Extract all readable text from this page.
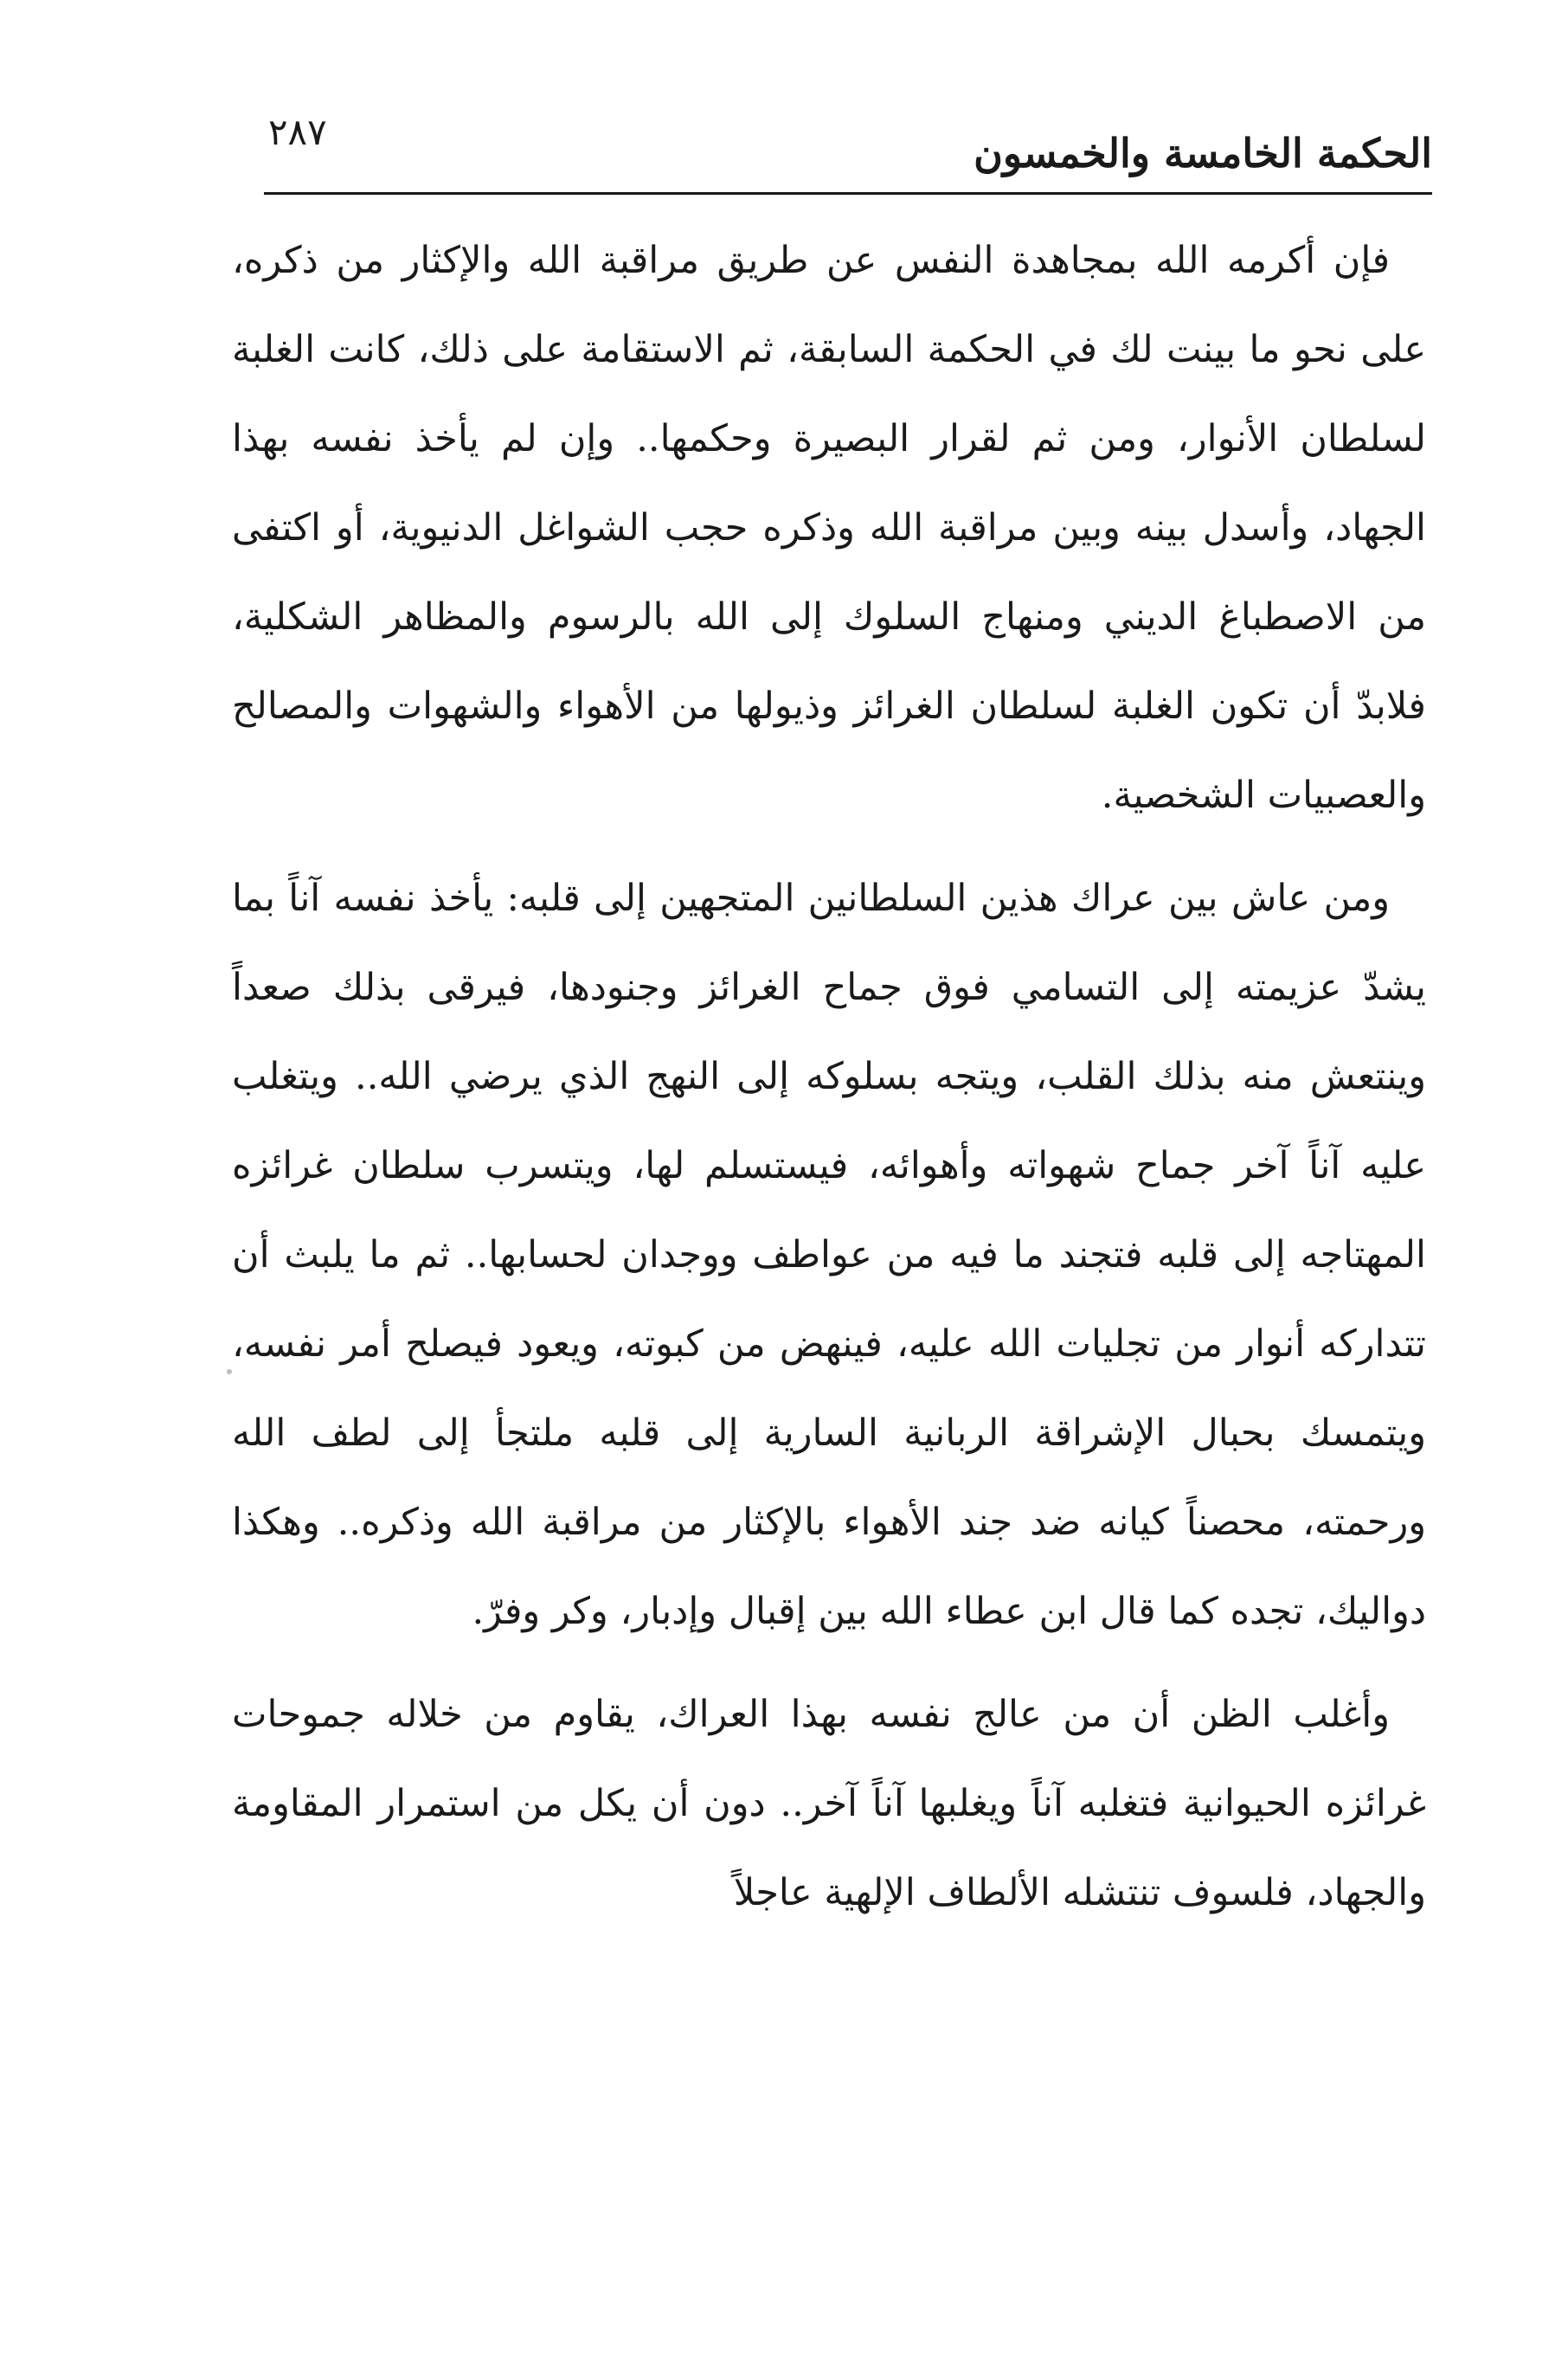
٢٨٧	الحكمة الخامسة والخمسون

فإن أكرمه الله بمجاهدة النفس عن طريق مراقبة الله والإكثار من ذكره، على نحو ما بينت لك في الحكمة السابقة، ثم الاستقامة على ذلك، كانت الغلبة لسلطان الأنوار، ومن ثم لقرار البصيرة وحكمها.. وإن لم يأخذ نفسه بهذا الجهاد، وأسدل بينه وبين مراقبة الله وذكره حجب الشواغل الدنيوية، أو اكتفى من الاصطباغ الديني ومنهاج السلوك إلى الله بالرسوم والمظاهر الشكلية، فلابدّ أن تكون الغلبة لسلطان الغرائز وذيولها من الأهواء والشهوات والمصالح والعصبيات الشخصية.

ومن عاش بين عراك هذين السلطانين المتجهين إلى قلبه: يأخذ نفسه آناً بما يشدّ عزيمته إلى التسامي فوق جماح الغرائز وجنودها، فيرقى بذلك صعداً وينتعش منه بذلك القلب، ويتجه بسلوكه إلى النهج الذي يرضي الله.. ويتغلب عليه آناً آخر جماح شهواته وأهوائه، فيستسلم لها، ويتسرب سلطان غرائزه المهتاجه إلى قلبه فتجند ما فيه من عواطف ووجدان لحسابها.. ثم ما يلبث أن تتداركه أنوار من تجليات الله عليه، فينهض من كبوته، ويعود فيصلح أمر نفسه، ويتمسك بحبال الإشراقة الربانية السارية إلى قلبه ملتجأ إلى لطف الله ورحمته، محصناً كيانه ضد جند الأهواء بالإكثار من مراقبة الله وذكره.. وهكذا دواليك، تجده كما قال ابن عطاء الله بين إقبال وإدبار، وكر وفرّ.

وأغلب الظن أن من عالج نفسه بهذا العراك، يقاوم من خلاله جموحات غرائزه الحيوانية فتغلبه آناً ويغلبها آناً آخر.. دون أن يكل من استمرار المقاومة والجهاد، فلسوف تنتشله الألطاف الإلهية عاجلاً
